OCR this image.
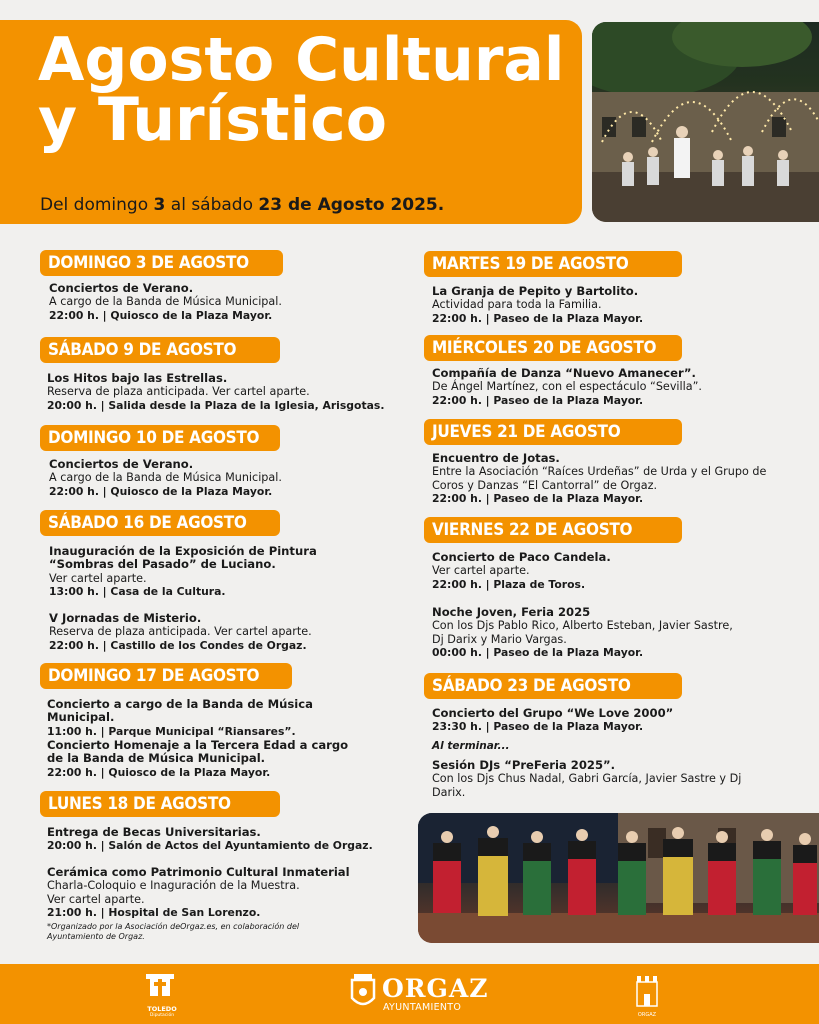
Agosto Cultural
y Turístico
Del domingo 3 al sábado 23 de Agosto 2025.
DOMINGO 3 DE AGOSTO
Conciertos de Verano.
A cargo de la Banda de Música Municipal.
22:00 h. | Quiosco de la Plaza Mayor.
SÁBADO 9 DE AGOSTO
Los Hitos bajo las Estrellas.
Reserva de plaza anticipada. Ver cartel aparte.
20:00 h. | Salida desde la Plaza de la Iglesia, Arisgotas.
DOMINGO 10 DE AGOSTO
Conciertos de Verano.
A cargo de la Banda de Música Municipal.
22:00 h. | Quiosco de la Plaza Mayor.
SÁBADO 16 DE AGOSTO
Inauguración de la Exposición de Pintura “Sombras del Pasado” de Luciano.
Ver cartel aparte.
13:00 h. | Casa de la Cultura.
V Jornadas de Misterio.
Reserva de plaza anticipada. Ver cartel aparte.
22:00 h. | Castillo de los Condes de Orgaz.
DOMINGO 17 DE AGOSTO
Concierto a cargo de la Banda de Música Municipal.
11:00 h. | Parque Municipal “Riansares”.
Concierto Homenaje a la Tercera Edad a cargo de la Banda de Música Municipal.
22:00 h. | Quiosco de la Plaza Mayor.
LUNES 18 DE AGOSTO
Entrega de Becas Universitarias.
20:00 h. | Salón de Actos del Ayuntamiento de Orgaz.
Cerámica como Patrimonio Cultural Inmaterial
Charla-Coloquio e Inaguración de la Muestra. Ver cartel aparte.
21:00 h. | Hospital de San Lorenzo.
*Organizado por la Asociación deOrgaz.es, en colaboración del Ayuntamiento de Orgaz.
MARTES 19 DE AGOSTO
La Granja de Pepito y Bartolito.
Actividad para toda la Familia.
22:00 h. | Paseo de la Plaza Mayor.
MIÉRCOLES 20 DE AGOSTO
Compañía de Danza “Nuevo Amanecer”.
De Ángel Martínez, con el espectáculo “Sevilla”.
22:00 h. | Paseo de la Plaza Mayor.
JUEVES 21 DE AGOSTO
Encuentro de Jotas.
Entre la Asociación “Raíces Urdeñas” de Urda y el Grupo de Coros y Danzas “El Cantorral” de Orgaz.
22:00 h. | Paseo de la Plaza Mayor.
VIERNES 22 DE AGOSTO
Concierto de Paco Candela.
Ver cartel aparte.
22:00 h. | Plaza de Toros.
Noche Joven, Feria 2025
Con los Djs Pablo Rico, Alberto Esteban, Javier Sastre, Dj Darix y Mario Vargas.
00:00 h. | Paseo de la Plaza Mayor.
SÁBADO 23 DE AGOSTO
Concierto del Grupo “We Love 2000”
23:30 h. | Paseo de la Plaza Mayor.
Al terminar...
Sesión DJs “PreFeria 2025”.
Con los Djs Chus Nadal, Gabri García, Javier Sastre y Dj Darix.
TOLEDO
Diputación
ORGAZ
AYUNTAMIENTO
ORGAZ
